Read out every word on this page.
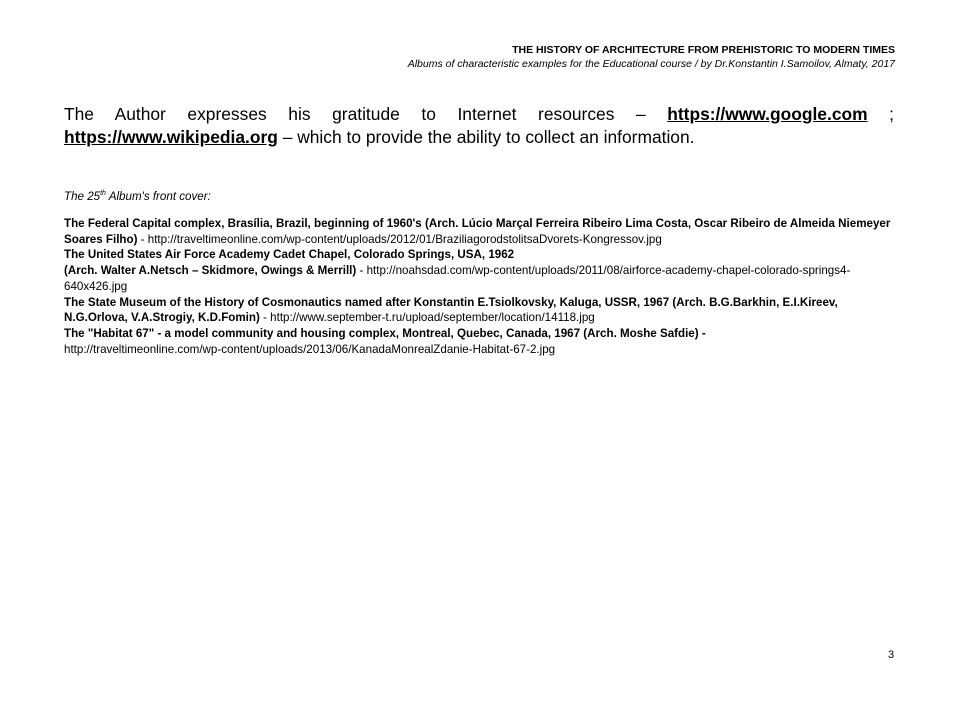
THE HISTORY OF ARCHITECTURE FROM PREHISTORIC TO MODERN TIMES
Albums of characteristic examples for the Educational course / by Dr.Konstantin I.Samoilov, Almaty, 2017
The Author expresses his gratitude to Internet resources – https://www.google.com ; https://www.wikipedia.org – which to provide the ability to collect an information.
The 25th Album's front cover:

The Federal Capital complex, Brasília, Brazil, beginning of 1960's (Arch. Lúcio Marçal Ferreira Ribeiro Lima Costa, Oscar Ribeiro de Almeida Niemeyer Soares Filho) - http://traveltimeonline.com/wp-content/uploads/2012/01/BraziliagorodstolitsaDvorets-Kongressov.jpg

The United States Air Force Academy Cadet Chapel, Colorado Springs, USA, 1962
(Arch. Walter A.Netsch – Skidmore, Owings & Merrill) - http://noahsdad.com/wp-content/uploads/2011/08/airforce-academy-chapel-colorado-springs4-640x426.jpg

The State Museum of the History of Cosmonautics named after Konstantin E.Tsiolkovsky, Kaluga, USSR, 1967 (Arch. B.G.Barkhin, E.I.Kireev, N.G.Orlova, V.A.Strogiy, K.D.Fomin) - http://www.september-t.ru/upload/september/location/14118.jpg

The "Habitat 67" - a model community and housing complex, Montreal, Quebec, Canada, 1967 (Arch. Moshe Safdie) -
http://traveltimeonline.com/wp-content/uploads/2013/06/KanadaMonrealZdanie-Habitat-67-2.jpg

3
